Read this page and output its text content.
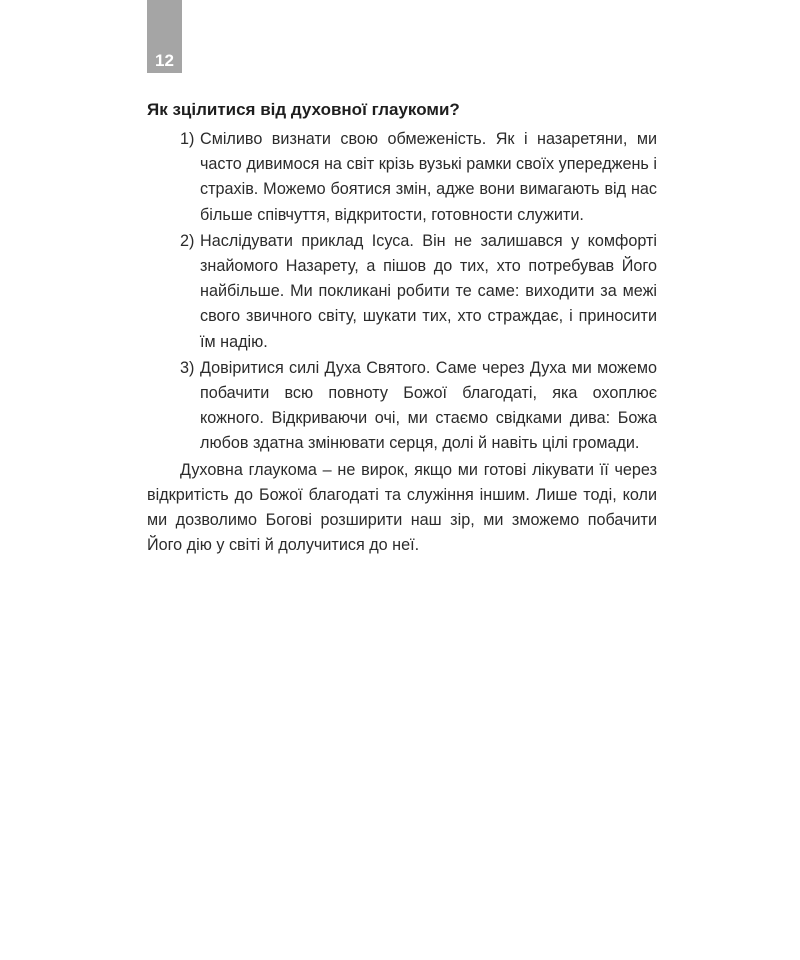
12
Як зцілитися від духовної глаукоми?
1) Сміливо визнати свою обмеженість. Як і назаретяни, ми часто дивимося на світ крізь вузькі рамки своїх упереджень і страхів. Можемо боятися змін, адже вони вимагають від нас більше співчуття, відкритости, готовности служити.
2) Наслідувати приклад Ісуса. Він не залишався у комфорті знайомого Назарету, а пішов до тих, хто потребував Його найбільше. Ми покликані робити те саме: виходити за межі свого звичного світу, шукати тих, хто страждає, і приносити їм надію.
3) Довіритися силі Духа Святого. Саме через Духа ми можемо побачити всю повноту Божої благодаті, яка охоплює кожного. Відкриваючи очі, ми стаємо свідками дива: Божа любов здатна змінювати серця, долі й навіть цілі громади.

Духовна глаукома – не вирок, якщо ми готові лікувати її через відкритість до Божої благодаті та служіння іншим. Лише тоді, коли ми дозволимо Богові розширити наш зір, ми зможемо побачити Його дію у світі й долучитися до неї.
